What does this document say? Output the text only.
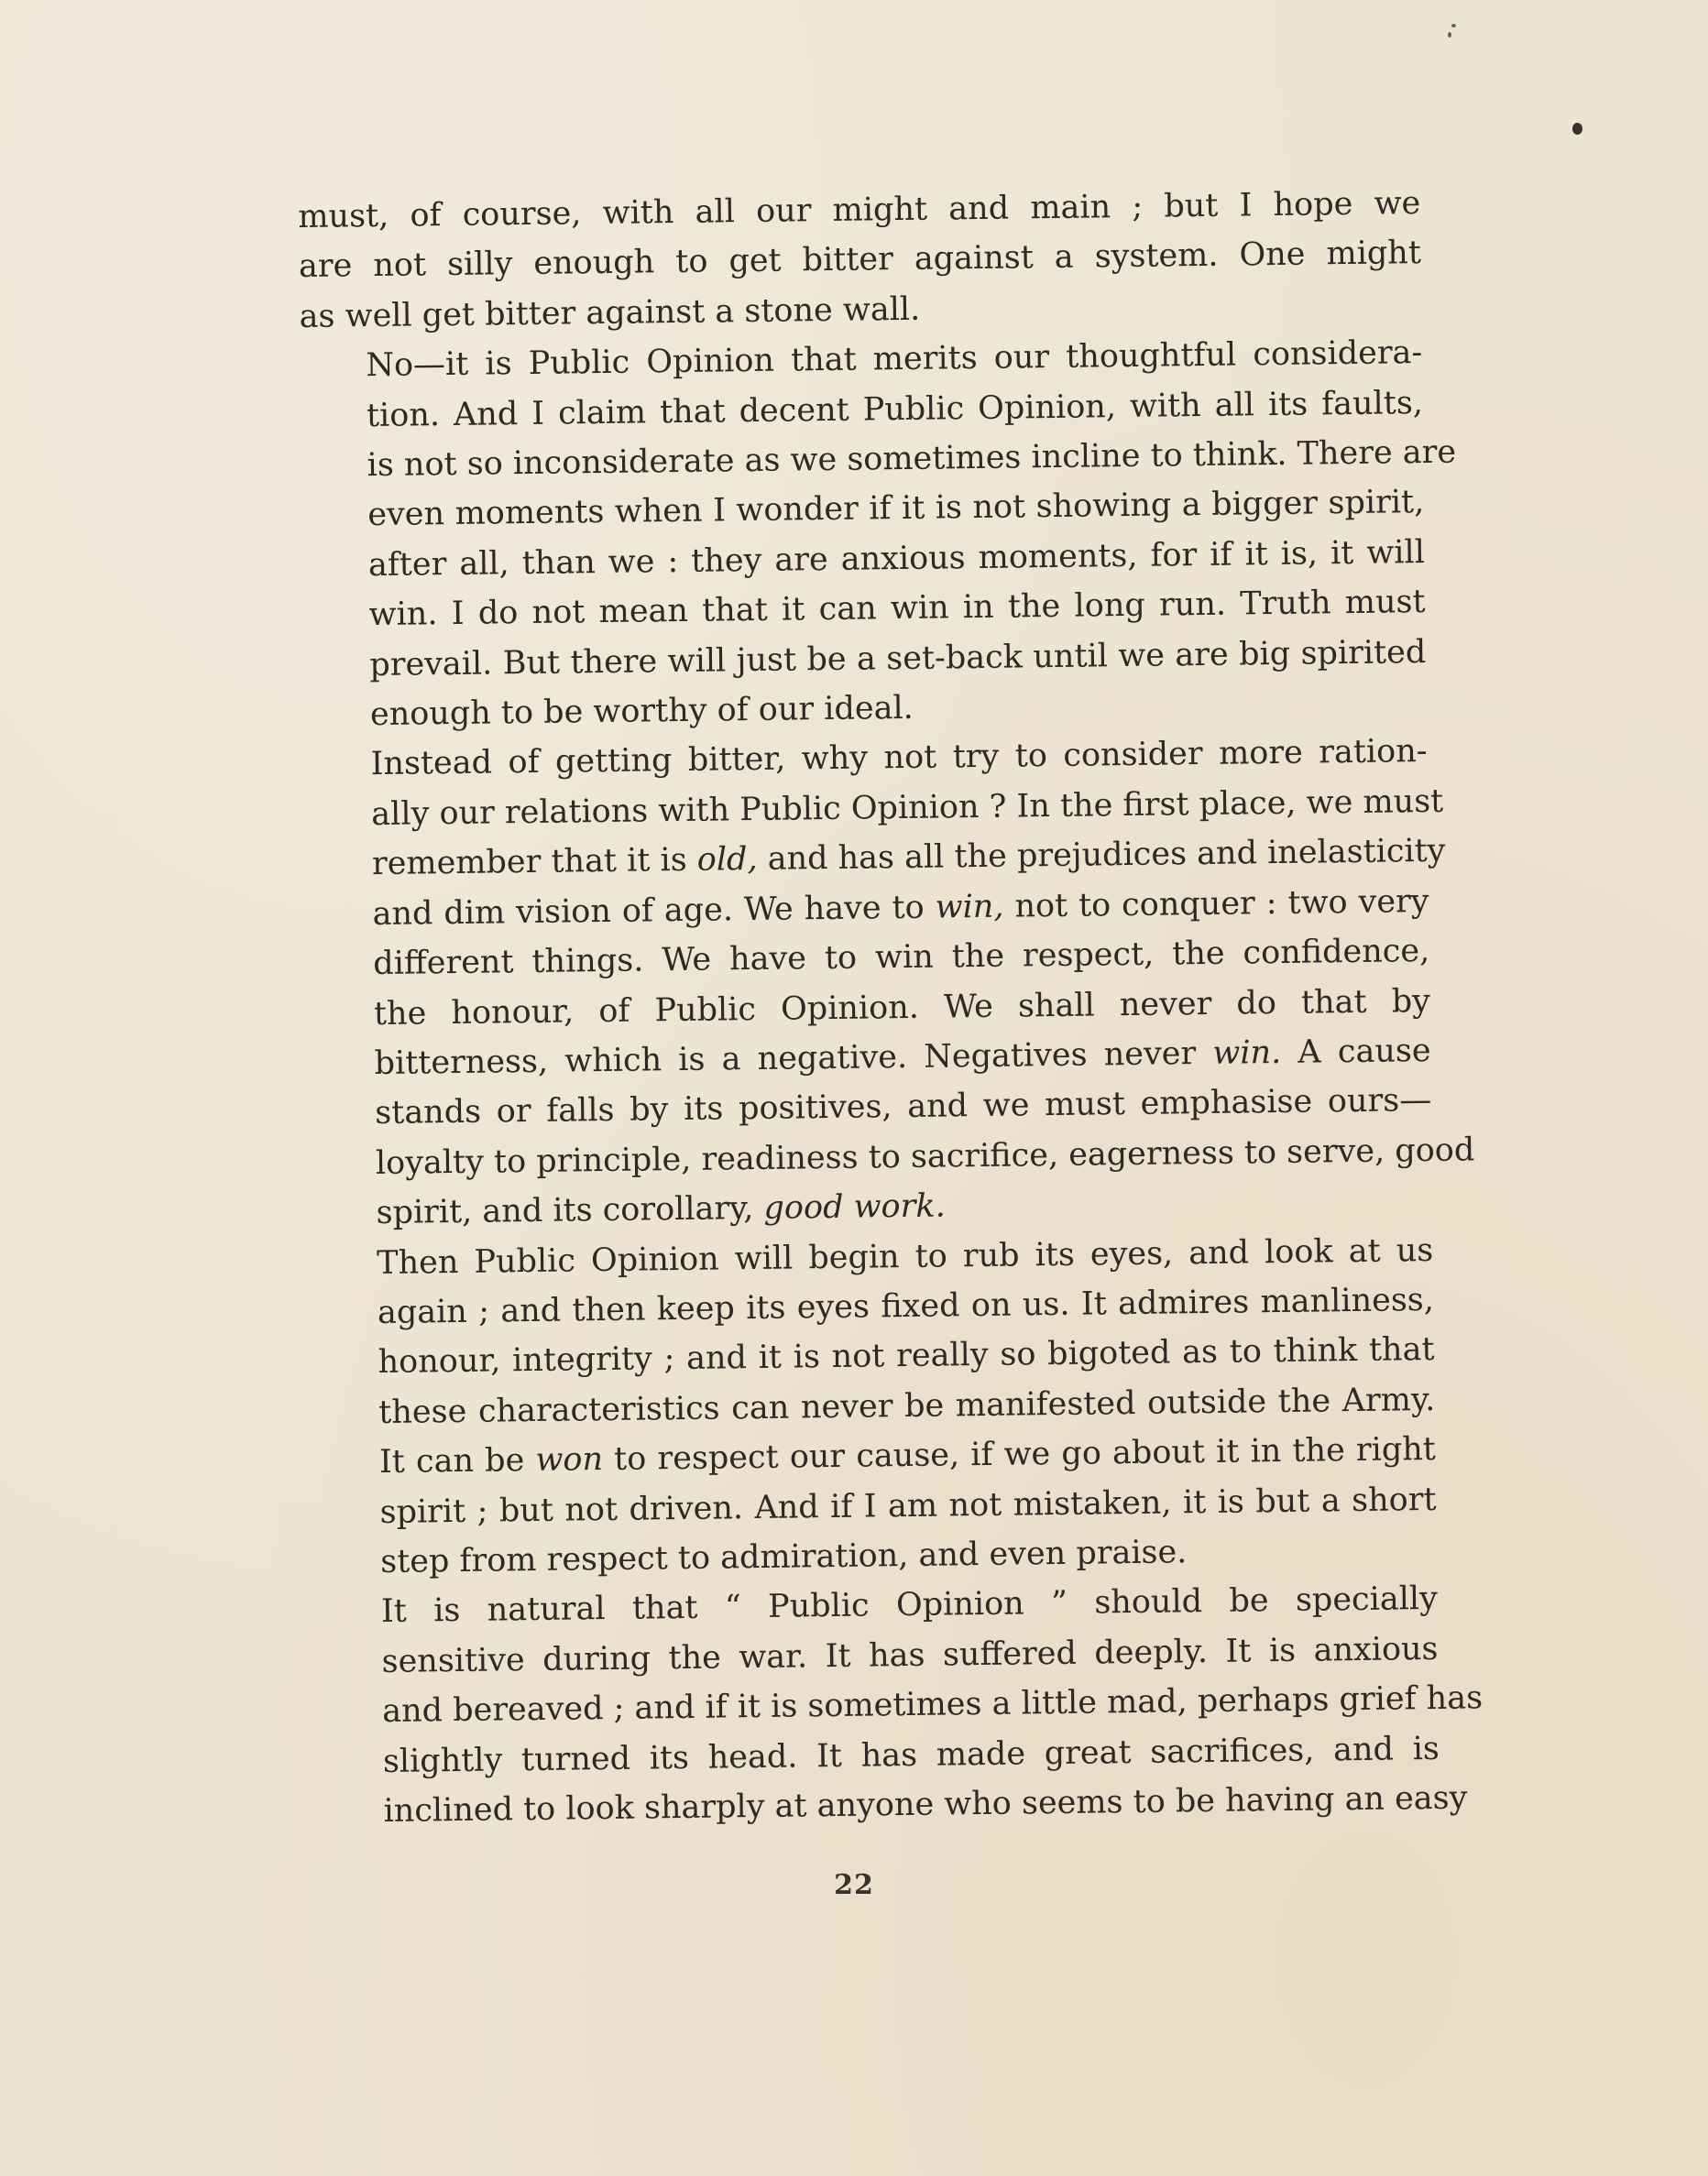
must, of course, with all our might and main ; but I hope we
are not silly enough to get bitter against a system. One might
as well get bitter against a stone wall.

No—it is Public Opinion that merits our thoughtful considera-
tion. And I claim that decent Public Opinion, with all its faults,
is not so inconsiderate as we sometimes incline to think. There are
even moments when I wonder if it is not showing a bigger spirit,
after all, than we : they are anxious moments, for if it is, it will
win. I do not mean that it can win in the long run. Truth must
prevail. But there will just be a set-back until we are big spirited
enough to be worthy of our ideal.

Instead of getting bitter, why not try to consider more ration-
ally our relations with Public Opinion ? In the first place, we must
remember that it is old, and has all the prejudices and inelasticity
and dim vision of age. We have to win, not to conquer : two very
different things. We have to win the respect, the confidence,
the honour, of Public Opinion. We shall never do that by
bitterness, which is a negative. Negatives never win. A cause
stands or falls by its positives, and we must emphasise ours—
loyalty to principle, readiness to sacrifice, eagerness to serve, good
spirit, and its corollary, good work.

Then Public Opinion will begin to rub its eyes, and look at us
again ; and then keep its eyes fixed on us. It admires manliness,
honour, integrity ; and it is not really so bigoted as to think that
these characteristics can never be manifested outside the Army.
It can be won to respect our cause, if we go about it in the right
spirit ; but not driven. And if I am not mistaken, it is but a short
step from respect to admiration, and even praise.

It is natural that “ Public Opinion ” should be specially
sensitive during the war. It has suffered deeply. It is anxious
and bereaved ; and if it is sometimes a little mad, perhaps grief has
slightly turned its head. It has made great sacrifices, and is
inclined to look sharply at anyone who seems to be having an easy

22
